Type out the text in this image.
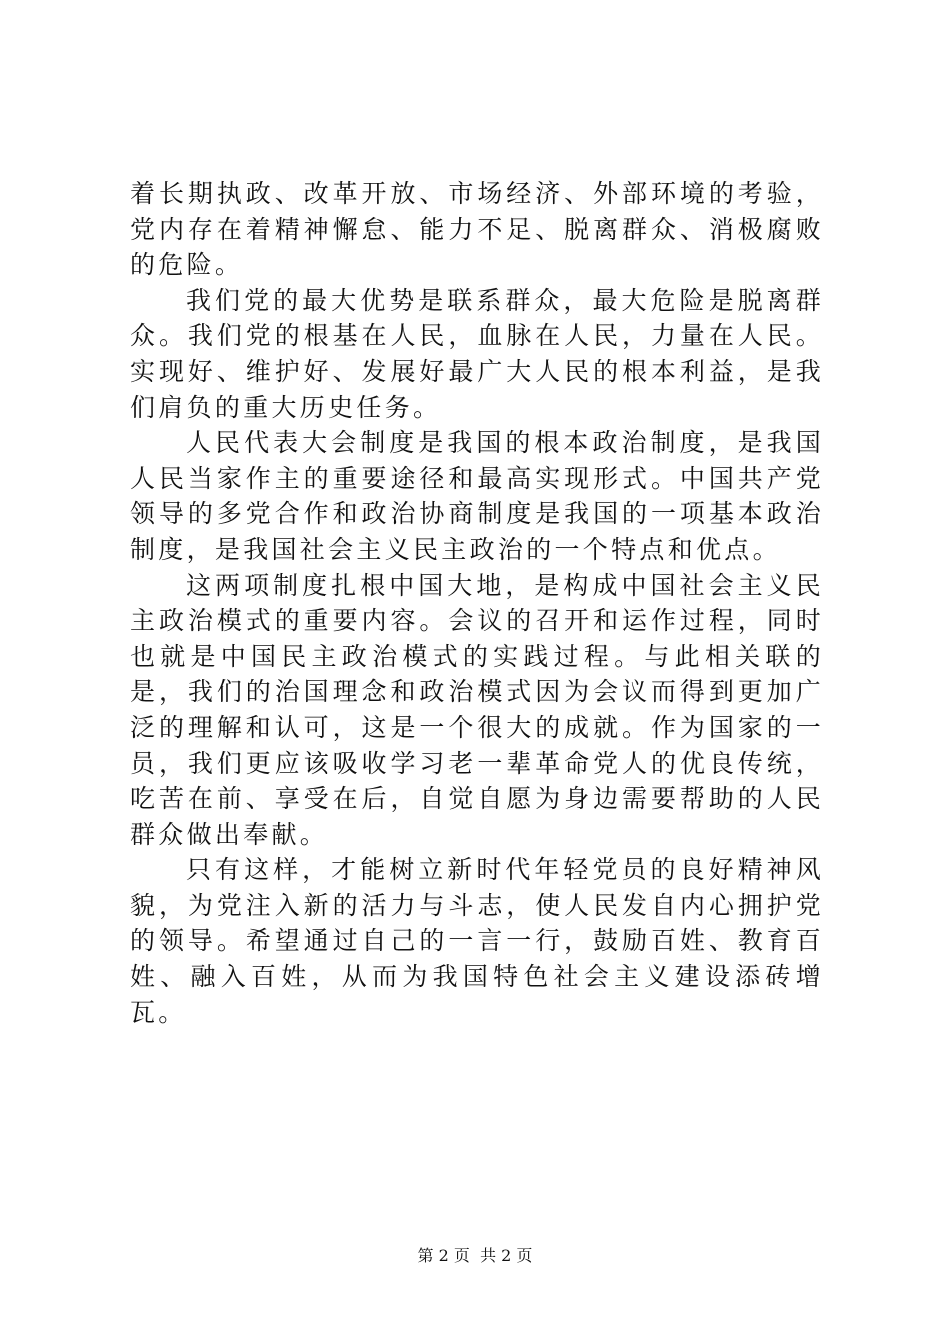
着长期执政、改革开放、市场经济、外部环境的考验，党内存在着精神懈怠、能力不足、脱离群众、消极腐败的危险。

我们党的最大优势是联系群众，最大危险是脱离群众。我们党的根基在人民，血脉在人民，力量在人民。实现好、维护好、发展好最广大人民的根本利益，是我们肩负的重大历史任务。

人民代表大会制度是我国的根本政治制度，是我国人民当家作主的重要途径和最高实现形式。中国共产党领导的多党合作和政治协商制度是我国的一项基本政治制度，是我国社会主义民主政治的一个特点和优点。

这两项制度扎根中国大地，是构成中国社会主义民主政治模式的重要内容。会议的召开和运作过程，同时也就是中国民主政治模式的实践过程。与此相关联的是，我们的治国理念和政治模式因为会议而得到更加广泛的理解和认可，这是一个很大的成就。作为国家的一员，我们更应该吸收学习老一辈革命党人的优良传统，吃苦在前、享受在后，自觉自愿为身边需要帮助的人民群众做出奉献。

只有这样，才能树立新时代年轻党员的良好精神风貌，为党注入新的活力与斗志，使人民发自内心拥护党的领导。希望通过自己的一言一行，鼓励百姓、教育百姓、融入百姓，从而为我国特色社会主义建设添砖增瓦。

第 2 页  共 2 页
